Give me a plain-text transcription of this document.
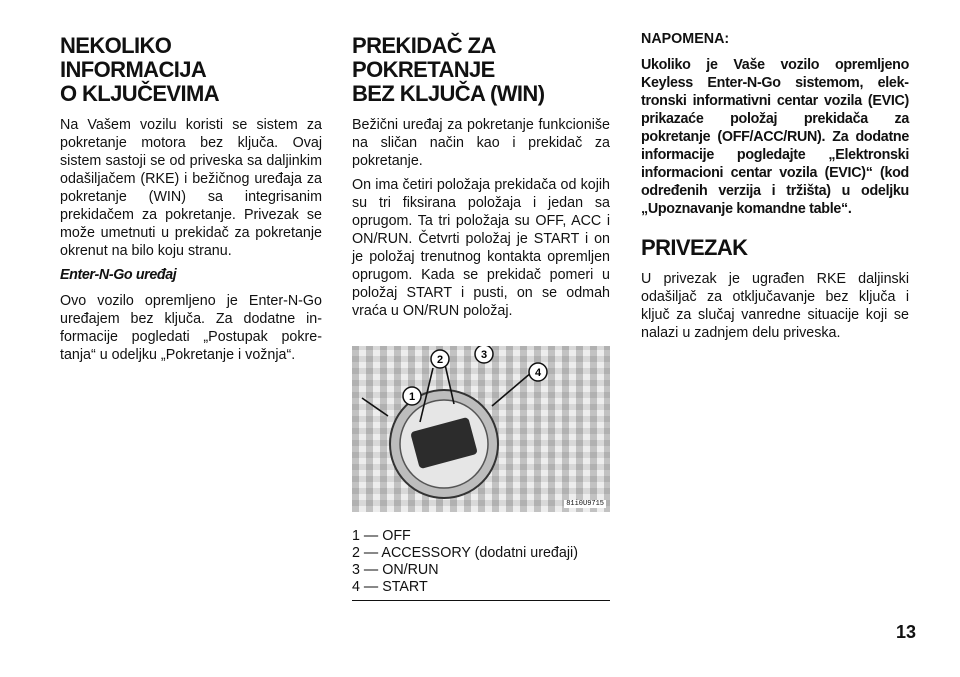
NEKOLIKO INFORMACIJA
O KLJUČEVIMA

Na Vašem vozilu koristi se sistem za pokretanje motora bez ključa. Ovaj sistem sastoji se od priveska sa daljinkim odašiljačem (RKE) i bežičnog uređaja za pokretanje (WIN) sa integrisanim prekidačem za pokretanje. Privezak se može umetnuti u prekidač za pokretanje okrenut na bilo koju stranu.

Enter-N-Go uređaj

Ovo vozilo opremljeno je Enter-N-Go uređajem bez ključa. Za dodatne informacije pogledati „Postupak pokretanja“ u odeljku „Pokretanje i vožnja“.

PREKIDAČ ZA POKRETANJE
BEZ KLJUČA (WIN)

Bežični uređaj za pokretanje funkcioniše na sličan način kao i prekidač za pokretanje.

On ima četiri položaja prekidača od kojih su tri fiksirana položaja i jedan sa oprugom. Ta tri položaja su OFF, ACC i ON/RUN. Četvrti položaj je START i on je položaj trenutnog kontakta opremljen oprugom. Kada se prekidač pomeri u položaj START i pusti, on se odmah vraća u ON/RUN položaj.

1
2	3
4
81i0U9715
1 — OFF
2 — ACCESSORY (dodatni uređaji)
3 — ON/RUN
4 — START

NAPOMENA:

Ukoliko je Vaše vozilo opremljeno Keyless Enter-N-Go sistemom, elektronski informativni centar vozila (EVIC) prikazaće položaj prekidača za pokretanje (OFF/ACC/RUN). Za dodatne informacije pogledajte „Elektronski informacioni centar vozila (EVIC)“ (kod određenih verzija i tržišta) u odeljku „Upoznavanje komandne table“.

PRIVEZAK

U privezak je ugrađen RKE daljinski odašiljač za otključavanje bez ključa i ključ za slučaj vanredne situacije koji se nalazi u zadnjem delu priveska.

13
